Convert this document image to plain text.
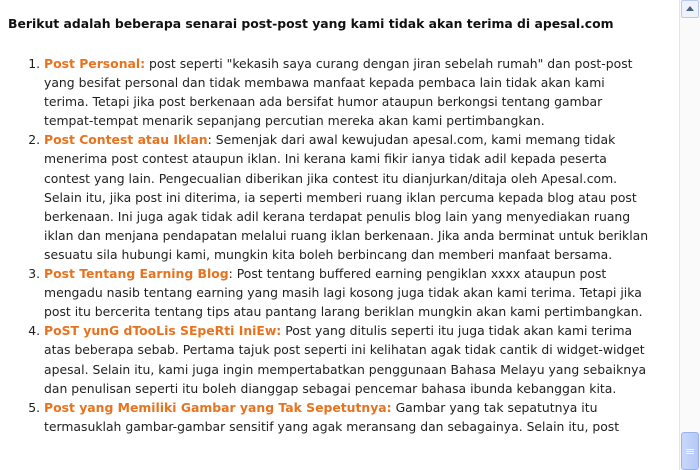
Berikut adalah beberapa senarai post-post yang kami tidak akan terima di apesal.com
1. Post Personal: post seperti "kekasih saya curang dengan jiran sebelah rumah" dan post-post yang besifat personal dan tidak membawa manfaat kepada pembaca lain tidak akan kami terima. Tetapi jika post berkenaan ada bersifat humor ataupun berkongsi tentang gambar tempat-tempat menarik sepanjang percutian mereka akan kami pertimbangkan.
2. Post Contest atau Iklan: Semenjak dari awal kewujudan apesal.com, kami memang tidak menerima post contest ataupun iklan. Ini kerana kami fikir ianya tidak adil kepada peserta contest yang lain. Pengecualian diberikan jika contest itu dianjurkan/ditaja oleh Apesal.com. Selain itu, jika post ini diterima, ia seperti memberi ruang iklan percuma kepada blog atau post berkenaan. Ini juga agak tidak adil kerana terdapat penulis blog lain yang menyediakan ruang iklan dan menjana pendapatan melalui ruang iklan berkenaan. Jika anda berminat untuk beriklan sesuatu sila hubungi kami, mungkin kita boleh berbincang dan memberi manfaat bersama.
3. Post Tentang Earning Blog: Post tentang buffered earning pengiklan xxxx ataupun post mengadu nasib tentang earning yang masih lagi kosong juga tidak akan kami terima. Tetapi jika post itu bercerita tentang tips atau pantang larang beriklan mungkin akan kami pertimbangkan.
4. PoST yunG dTooLis SEpeRti IniEw: Post yang ditulis seperti itu juga tidak akan kami terima atas beberapa sebab. Pertama tajuk post seperti ini kelihatan agak tidak cantik di widget-widget apesal. Selain itu, kami juga ingin mempertabatkan penggunaan Bahasa Melayu yang sebaiknya dan penulisan seperti itu boleh dianggap sebagai pencemar bahasa ibunda kebanggan kita.
5. Post yang Memiliki Gambar yang Tak Sepetutnya: Gambar yang tak sepatutnya itu termasuklah gambar-gambar sensitif yang agak meransang dan sebagainya. Selain itu, post
